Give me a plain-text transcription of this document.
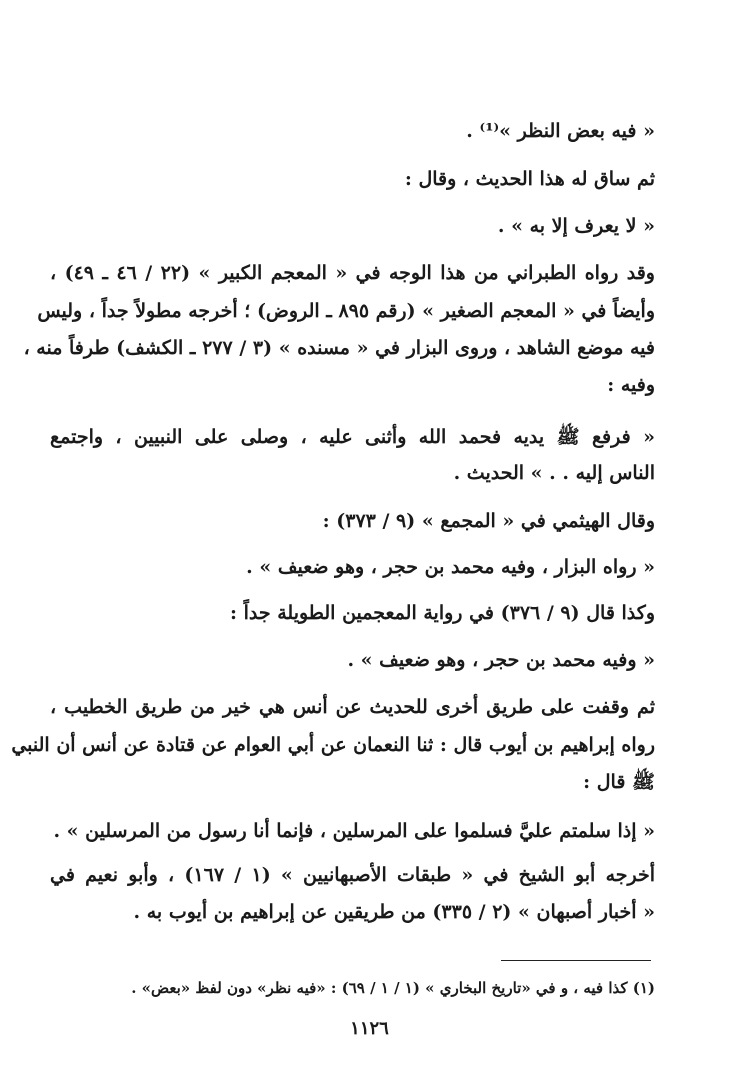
« فيه بعض النظر »⁽¹⁾ .
ثم ساق له هذا الحديث ، وقال :
« لا يعرف إلا به » .
وقد رواه الطبراني من هذا الوجه في « المعجم الكبير » (٢٢ / ٤٦ ـ ٤٩) ،
وأيضاً في « المعجم الصغير » (رقم ٨٩٥ ـ الروض) ؛ أخرجه مطولاً جداً ، وليس
فيه موضع الشاهد ، وروى البزار في « مسنده » (٣ / ٢٧٧ ـ الكشف) طرفاً منه ،
وفيه :
« فرفع ﷺ يديه فحمد الله وأثنى عليه ، وصلى على النبيين ، واجتمع
الناس إليه . . » الحديث .
وقال الهيثمي في « المجمع » (٩ / ٣٧٣) :
« رواه البزار ، وفيه محمد بن حجر ، وهو ضعيف » .
وكذا قال (٩ / ٣٧٦) في رواية المعجمين الطويلة جداً :
« وفيه محمد بن حجر ، وهو ضعيف » .
ثم وقفت على طريق أخرى للحديث عن أنس هي خير من طريق الخطيب ،
رواه إبراهيم بن أيوب قال : ثنا النعمان عن أبي العوام عن قتادة عن أنس أن النبي
ﷺ قال :
« إذا سلمتم عليَّ فسلموا على المرسلين ، فإنما أنا رسول من المرسلين » .
أخرجه أبو الشيخ في « طبقات الأصبهانيين » (١ / ١٦٧) ، وأبو نعيم في
« أخبار أصبهان » (٢ / ٣٣٥) من طريقين عن إبراهيم بن أيوب به .
(١) كذا فيه ، و في «تاريخ البخاري » (١ / ١ / ٦٩) : «فيه نظر» دون لفظ «بعض» .
١١٢٦
